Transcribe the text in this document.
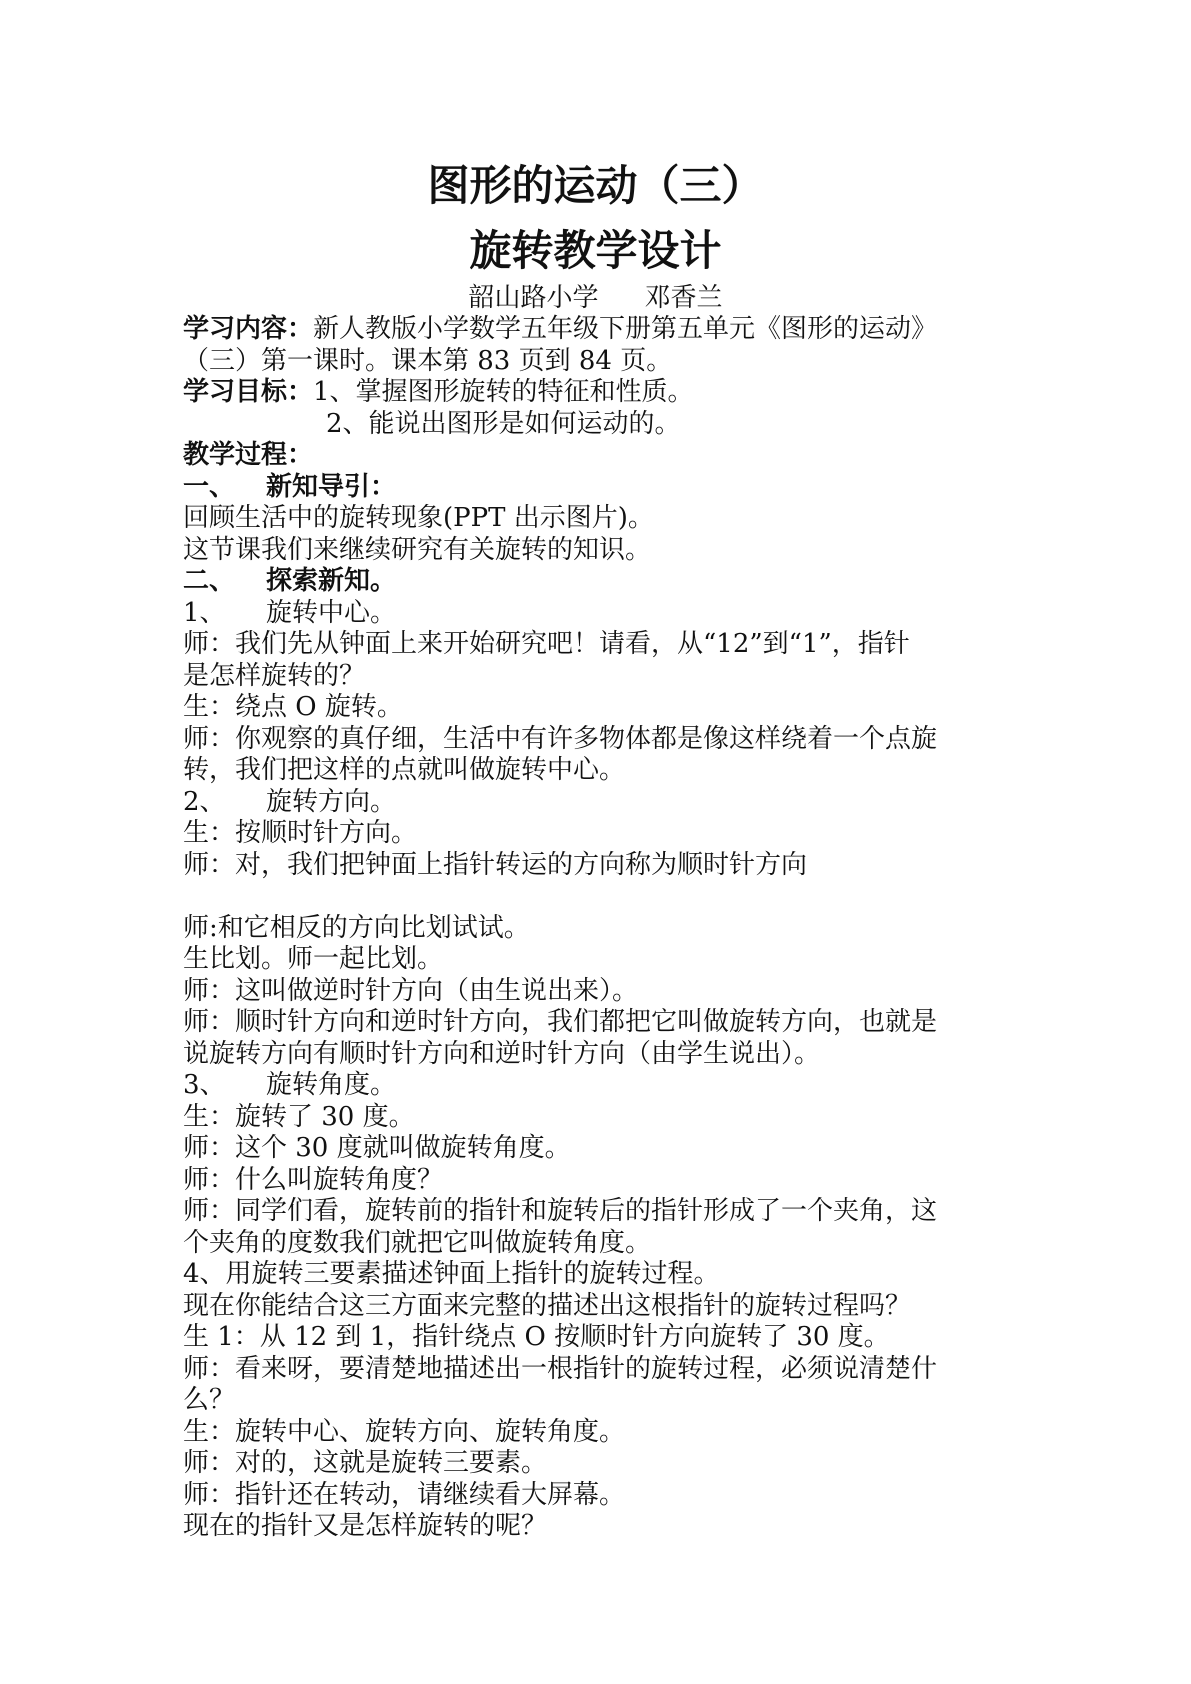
图形的运动（三）
旋转教学设计
韶山路小学 邓香兰
学习内容：新人教版小学数学五年级下册第五单元《图形的运动》
（三）第一课时。课本第 83 页到 84 页。
学习目标：1、掌握图形旋转的特征和性质。
2、能说出图形是如何运动的。
教学过程：
一、 新知导引：
回顾生活中的旋转现象(PPT 出示图片)。
这节课我们来继续研究有关旋转的知识。
二、 探索新知。
1、 旋转中心。
师：我们先从钟面上来开始研究吧！请看，从“12”到“1”，指针
是怎样旋转的？
生：绕点 O 旋转。
师：你观察的真仔细，生活中有许多物体都是像这样绕着一个点旋
转，我们把这样的点就叫做旋转中心。
2、 旋转方向。
生：按顺时针方向。
师：对，我们把钟面上指针转运的方向称为顺时针方向
师:和它相反的方向比划试试。
生比划。师一起比划。
师：这叫做逆时针方向（由生说出来）。
师：顺时针方向和逆时针方向，我们都把它叫做旋转方向，也就是
说旋转方向有顺时针方向和逆时针方向（由学生说出）。
3、 旋转角度。
生：旋转了 30 度。
师：这个 30 度就叫做旋转角度。
师：什么叫旋转角度？
师：同学们看，旋转前的指针和旋转后的指针形成了一个夹角，这
个夹角的度数我们就把它叫做旋转角度。
4、用旋转三要素描述钟面上指针的旋转过程。
现在你能结合这三方面来完整的描述出这根指针的旋转过程吗？
生 1：从 12 到 1，指针绕点 O 按顺时针方向旋转了 30 度。
师：看来呀，要清楚地描述出一根指针的旋转过程，必须说清楚什
么？
生：旋转中心、旋转方向、旋转角度。
师：对的，这就是旋转三要素。
师：指针还在转动，请继续看大屏幕。
现在的指针又是怎样旋转的呢？
